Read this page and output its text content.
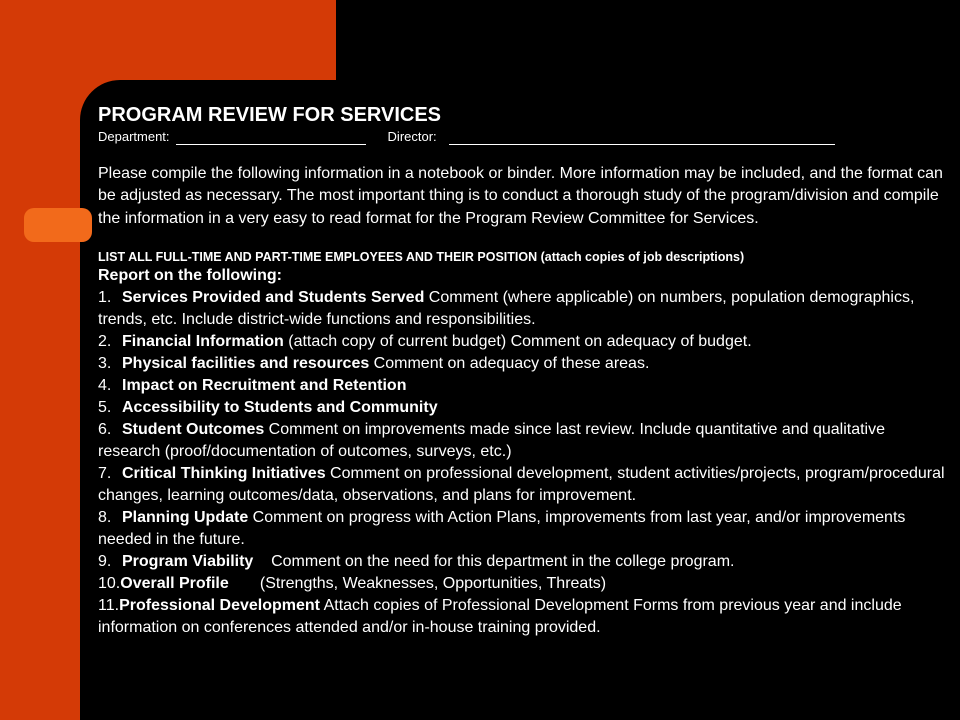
PROGRAM REVIEW FOR SERVICES
Department:	Director:

Please compile the following information in a notebook or binder. More information may be included, and the format can be adjusted as necessary. The most important thing is to conduct a thorough study of the program/division and compile the information in a very easy to read format for the Program Review Committee for Services.

LIST ALL FULL-TIME AND PART-TIME EMPLOYEES AND THEIR POSITION (attach copies of job descriptions)

Report on the following:

1. Services Provided and Students Served Comment (where applicable) on numbers, population demographics, trends, etc. Include district-wide functions and responsibilities.
2. Financial Information (attach copy of current budget) Comment on adequacy of budget.
3. Physical facilities and resources Comment on adequacy of these areas.
4. Impact on Recruitment and Retention
5. Accessibility to Students and Community
6. Student Outcomes Comment on improvements made since last review. Include quantitative and qualitative research (proof/documentation of outcomes, surveys, etc.)
7. Critical Thinking Initiatives Comment on professional development, student activities/projects, program/procedural changes, learning outcomes/data, observations, and plans for improvement.
8. Planning Update Comment on progress with Action Plans, improvements from last year, and/or improvements needed in the future.
9. Program Viability    Comment on the need for this department in the college program.
10.Overall Profile       (Strengths, Weaknesses, Opportunities, Threats)
11.Professional Development Attach copies of Professional Development Forms from previous year and include information on conferences attended and/or in-house training provided.
